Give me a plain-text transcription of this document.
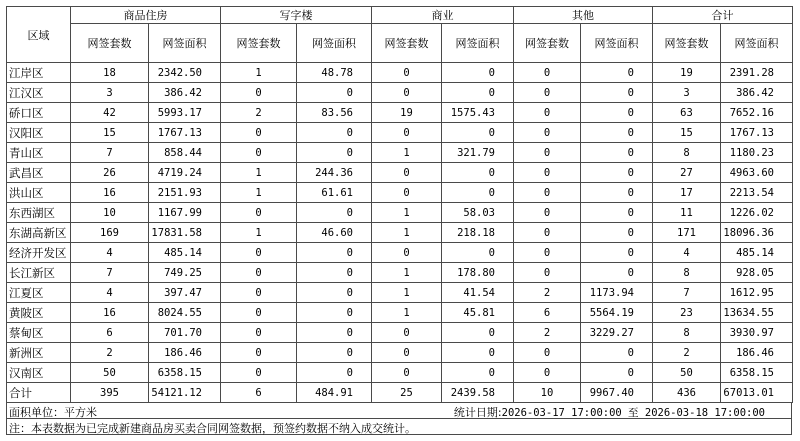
区域	商品住房		写字楼		商业		其他		合计	
	网签套数	网签面积	网签套数	网签面积	网签套数	网签面积	网签套数	网签面积	网签套数	网签面积
江岸区	18	2342.50	1	48.78	0	0	0	0	19	2391.28
江汉区	3	386.42	0	0	0	0	0	0	3	386.42
硚口区	42	5993.17	2	83.56	19	1575.43	0	0	63	7652.16
汉阳区	15	1767.13	0	0	0	0	0	0	15	1767.13
青山区	7	858.44	0	0	1	321.79	0	0	8	1180.23
武昌区	26	4719.24	1	244.36	0	0	0	0	27	4963.60
洪山区	16	2151.93	1	61.61	0	0	0	0	17	2213.54
东西湖区	10	1167.99	0	0	1	58.03	0	0	11	1226.02
东湖高新区	169	17831.58	1	46.60	1	218.18	0	0	171	18096.36
经济开发区	4	485.14	0	0	0	0	0	0	4	485.14
长江新区	7	749.25	0	0	1	178.80	0	0	8	928.05
江夏区	4	397.47	0	0	1	41.54	2	1173.94	7	1612.95
黄陂区	16	8024.55	0	0	1	45.81	6	5564.19	23	13634.55
蔡甸区	6	701.70	0	0	0	0	2	3229.27	8	3930.97
新洲区	2	186.46	0	0	0	0	0	0	2	186.46
汉南区	50	6358.15	0	0	0	0	0	0	50	6358.15
合计	395	54121.12	6	484.91	25	2439.58	10	9967.40	436	67013.01
面积单位：平方米	统计日期:2026-03-17 17:00:00 至 2026-03-18 17:00:00
注：本表数据为已完成新建商品房买卖合同网签数据，预签约数据不纳入成交统计。
